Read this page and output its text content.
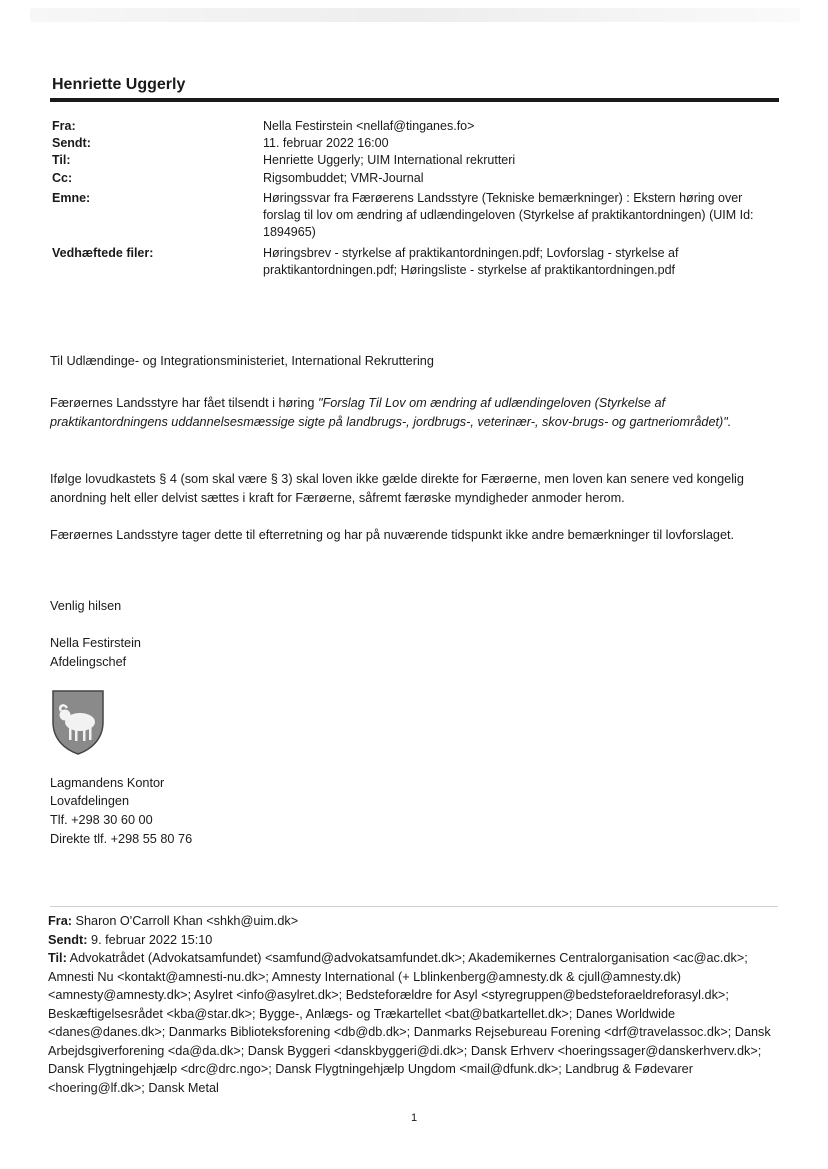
Henriette Uggerly
Fra:	Nella Festirstein <nellaf@tinganes.fo>
Sendt:	11. februar 2022 16:00
Til:	Henriette Uggerly; UIM International rekrutteri
Cc:	Rigsombuddet; VMR-Journal
Emne:	Høringssvar fra Færøerens Landsstyre (Tekniske bemærkninger) : Ekstern høring over forslag til lov om ændring af udlændingeloven (Styrkelse af praktikantordningen) (UIM Id: 1894965)
Vedhæftede filer:	Høringsbrev - styrkelse af praktikantordningen.pdf; Lovforslag - styrkelse af praktikantordningen.pdf; Høringsliste - styrkelse af praktikantordningen.pdf
Til Udlændinge- og Integrationsministeriet, International Rekruttering
Færøernes Landsstyre har fået tilsendt i høring "Forslag Til Lov om ændring af udlændingeloven (Styrkelse af praktikantordningens uddannelsesmæssige sigte på landbrugs-, jordbrugs-, veterinær-, skov-brugs- og gartneriområdet)".
Ifølge lovudkastets § 4 (som skal være § 3) skal loven ikke gælde direkte for Færøerne, men loven kan senere ved kongelig anordning helt eller delvist sættes i kraft for Færøerne, såfremt færøske myndigheder anmoder herom.
Færøernes Landsstyre tager dette til efterretning og har på nuværende tidspunkt ikke andre bemærkninger til lovforslaget.
Venlig hilsen
Nella Festirstein
Afdelingschef
Lagmandens Kontor
Lovafdelingen
Tlf. +298 30 60 00
Direkte tlf. +298 55 80 76
Fra: Sharon O'Carroll Khan <shkh@uim.dk>
Sendt: 9. februar 2022 15:10
Til: Advokatrådet (Advokatsamfundet) <samfund@advokatsamfundet.dk>; Akademikernes Centralorganisation <ac@ac.dk>; Amnesti Nu <kontakt@amnesti-nu.dk>; Amnesty International (+ Lblinkenberg@amnesty.dk & cjull@amnesty.dk) <amnesty@amnesty.dk>; Asylret <info@asylret.dk>; Bedsteforældre for Asyl <styregruppen@bedsteforaeldreforasyl.dk>; Beskæftigelsesrådet <kba@star.dk>; Bygge-, Anlægs- og Trækartellet <bat@batkartellet.dk>; Danes Worldwide <danes@danes.dk>; Danmarks Biblioteksforening <db@db.dk>; Danmarks Rejsebureau Forening <drf@travelassoc.dk>; Dansk Arbejdsgiverforening <da@da.dk>; Dansk Byggeri <danskbyggeri@di.dk>; Dansk Erhverv <hoeringssager@danskerhverv.dk>; Dansk Flygtningehjælp <drc@drc.ngo>; Dansk Flygtningehjælp Ungdom <mail@dfunk.dk>; Landbrug & Fødevarer <hoering@lf.dk>; Dansk Metal
1
